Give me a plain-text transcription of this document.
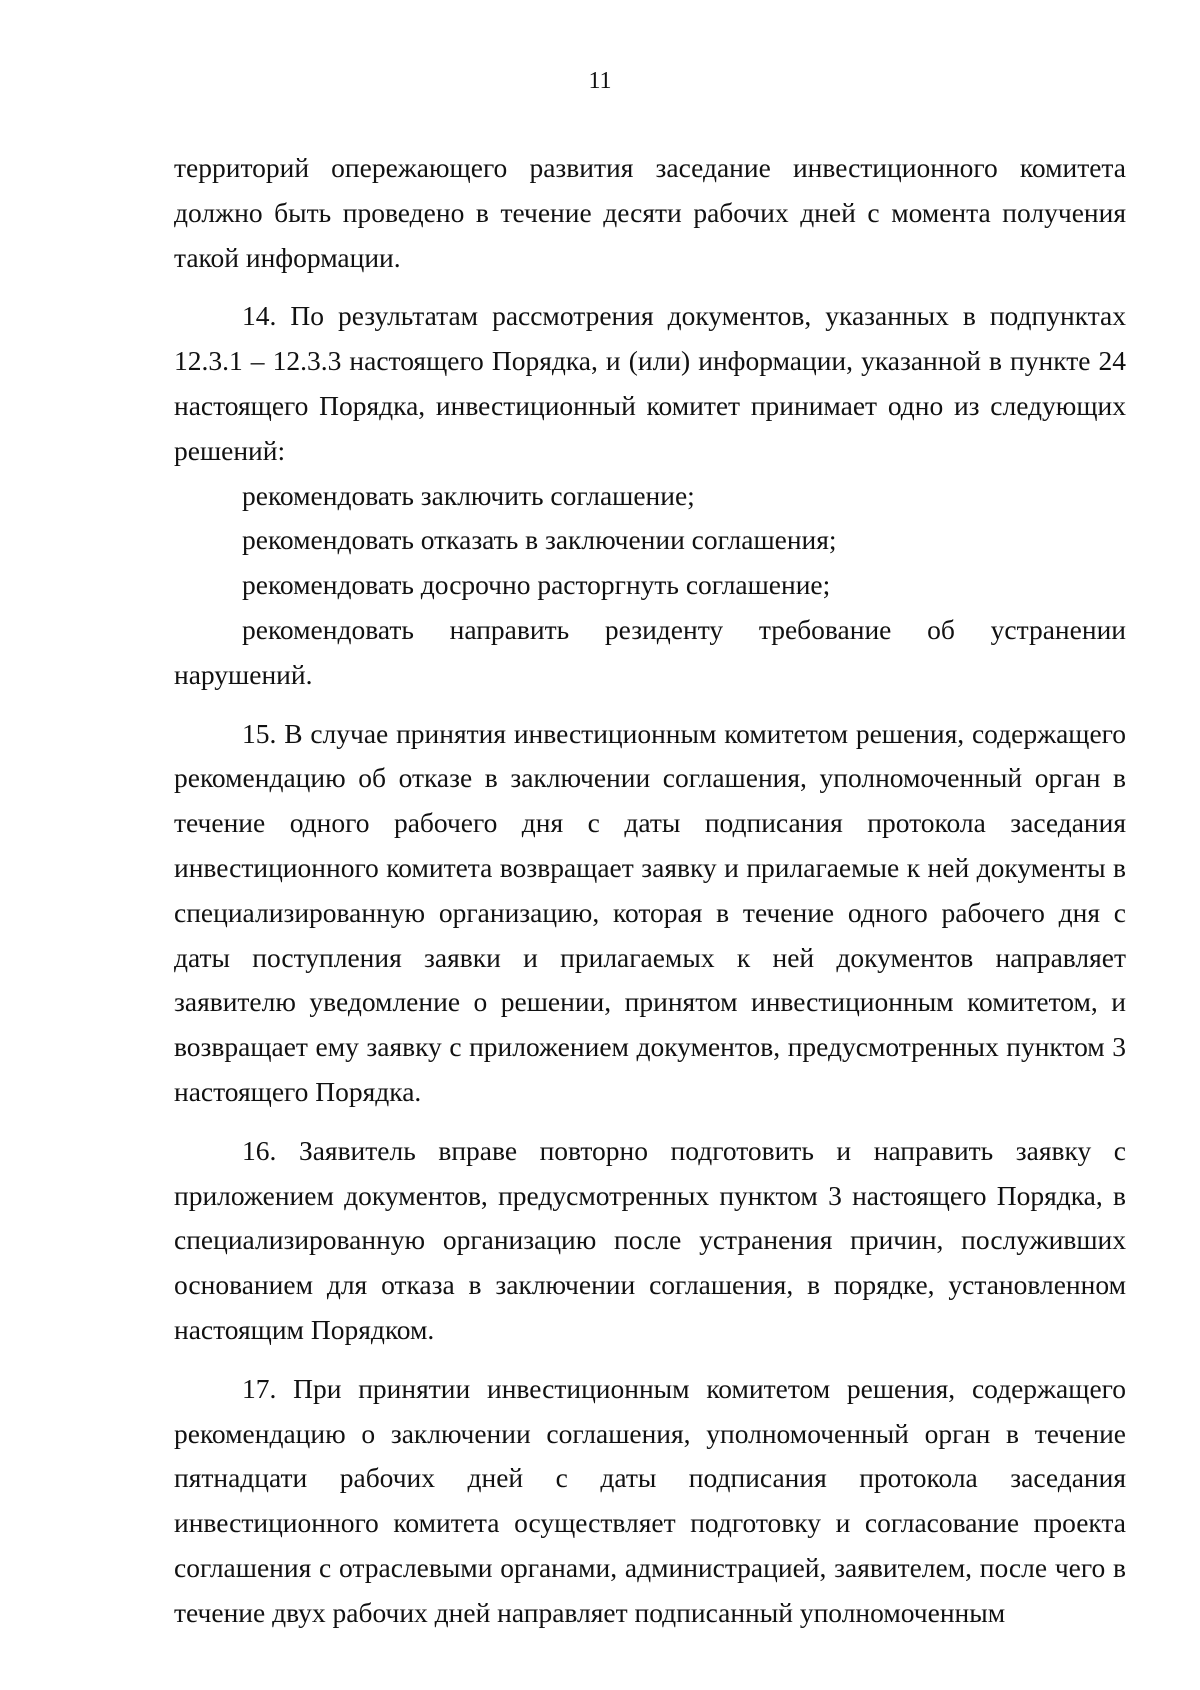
11

территорий опережающего развития заседание инвестиционного комитета должно быть проведено в течение десяти рабочих дней с момента получения такой информации.

14. По результатам рассмотрения документов, указанных в подпунктах 12.3.1 – 12.3.3 настоящего Порядка, и (или) информации, указанной в пункте 24 настоящего Порядка, инвестиционный комитет принимает одно из следующих решений:

рекомендовать заключить соглашение;

рекомендовать отказать в заключении соглашения;

рекомендовать досрочно расторгнуть соглашение;

рекомендовать направить резиденту требование об устранении нарушений.

15. В случае принятия инвестиционным комитетом решения, содержащего рекомендацию об отказе в заключении соглашения, уполномоченный орган в течение одного рабочего дня с даты подписания протокола заседания инвестиционного комитета возвращает заявку и прилагаемые к ней документы в специализированную организацию, которая в течение одного рабочего дня с даты поступления заявки и прилагаемых к ней документов направляет заявителю уведомление о решении, принятом инвестиционным комитетом, и возвращает ему заявку с приложением документов, предусмотренных пунктом 3 настоящего Порядка.

16. Заявитель вправе повторно подготовить и направить заявку с приложением документов, предусмотренных пунктом 3 настоящего Порядка, в специализированную организацию после устранения причин, послуживших основанием для отказа в заключении соглашения, в порядке, установленном настоящим Порядком.

17. При принятии инвестиционным комитетом решения, содержащего рекомендацию о заключении соглашения, уполномоченный орган в течение пятнадцати рабочих дней с даты подписания протокола заседания инвестиционного комитета осуществляет подготовку и согласование проекта соглашения с отраслевыми органами, администрацией, заявителем, после чего в течение двух рабочих дней направляет подписанный уполномоченным
